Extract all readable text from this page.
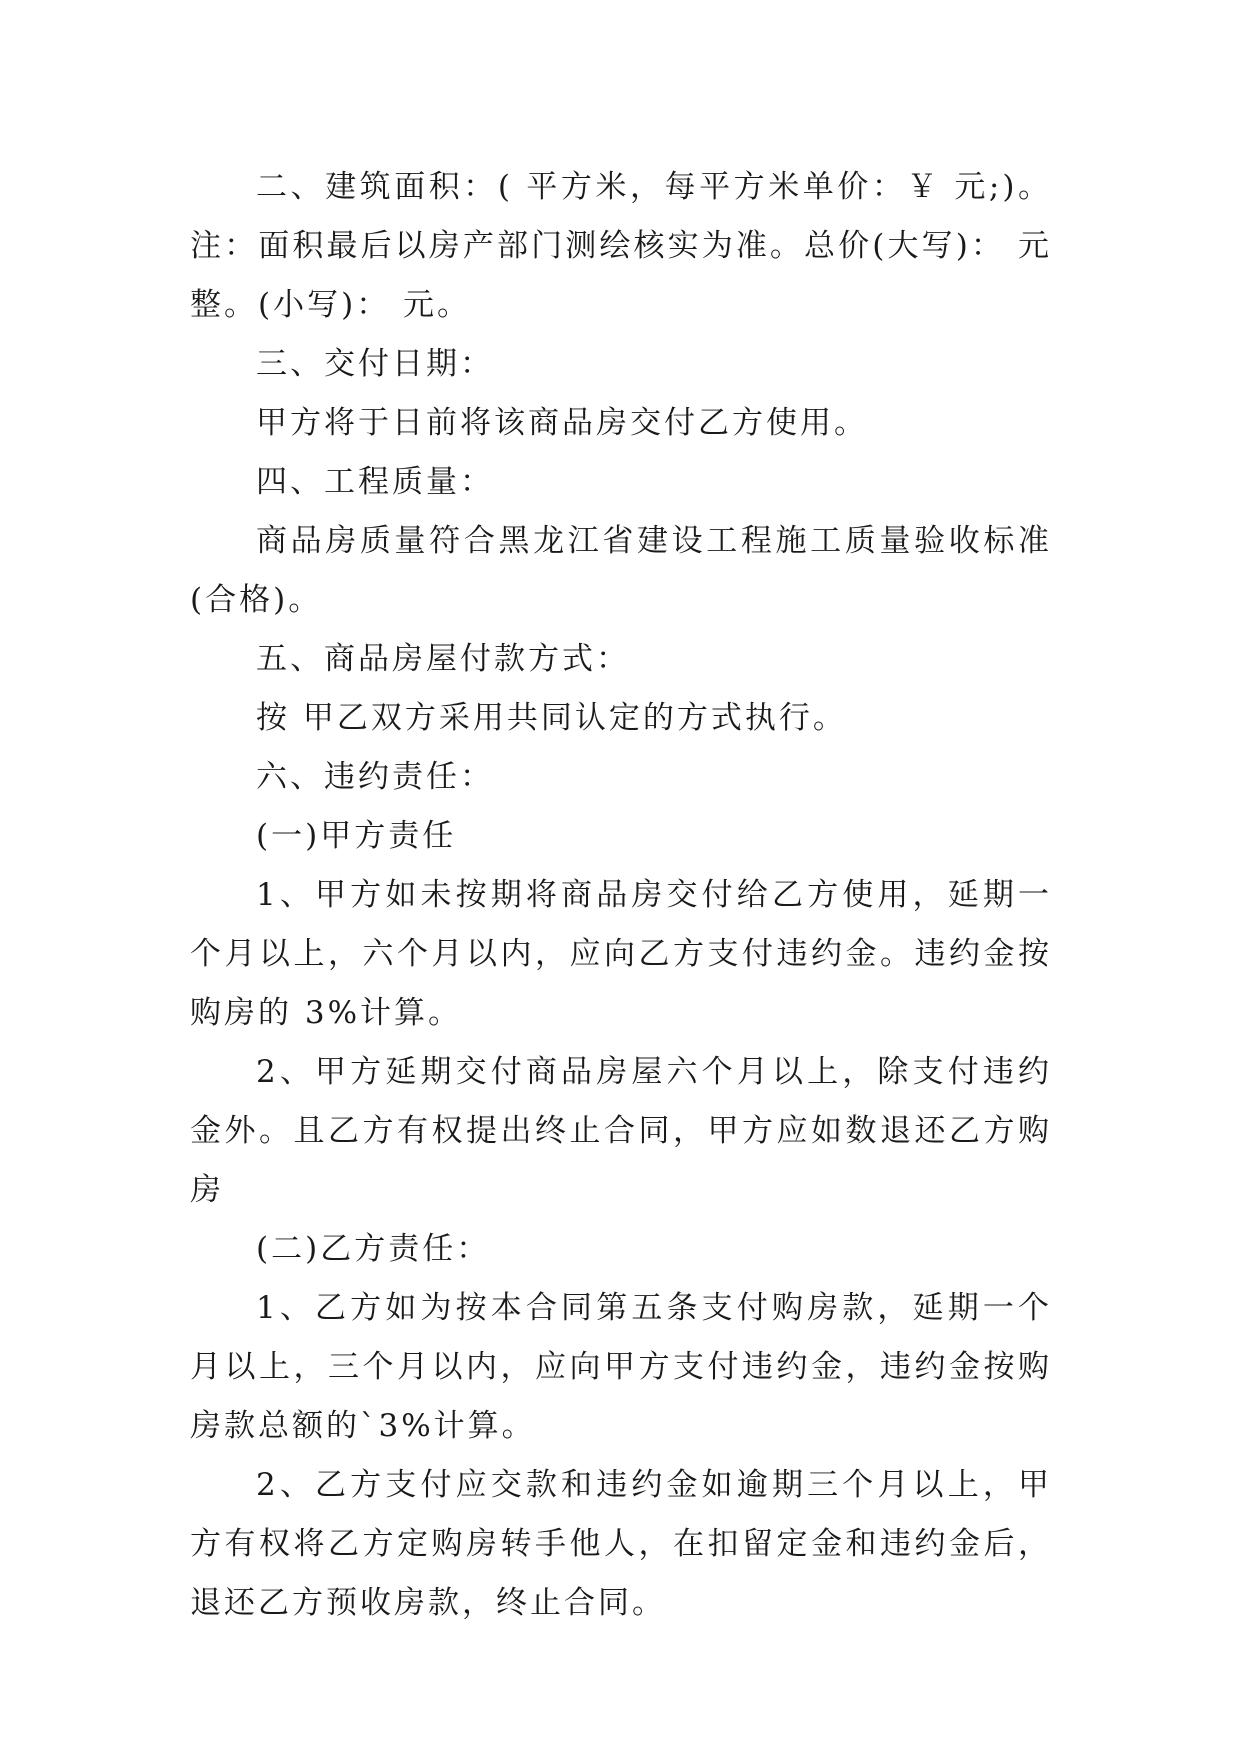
二、建筑面积：( 平方米，每平方米单价：￥ 元;)。注：面积最后以房产部门测绘核实为准。总价(大写)： 元整。(小写)： 元。

三、交付日期：

甲方将于日前将该商品房交付乙方使用。

四、工程质量：

商品房质量符合黑龙江省建设工程施工质量验收标准(合格)。

五、商品房屋付款方式：

按 甲乙双方采用共同认定的方式执行。

六、违约责任：

(一)甲方责任

1、甲方如未按期将商品房交付给乙方使用，延期一个月以上，六个月以内，应向乙方支付违约金。违约金按购房的 3%计算。

2、甲方延期交付商品房屋六个月以上，除支付违约金外。且乙方有权提出终止合同，甲方应如数退还乙方购房

(二)乙方责任：

1、乙方如为按本合同第五条支付购房款，延期一个月以上，三个月以内，应向甲方支付违约金，违约金按购房款总额的`3%计算。

2、乙方支付应交款和违约金如逾期三个月以上，甲方有权将乙方定购房转手他人，在扣留定金和违约金后，退还乙方预收房款，终止合同。
